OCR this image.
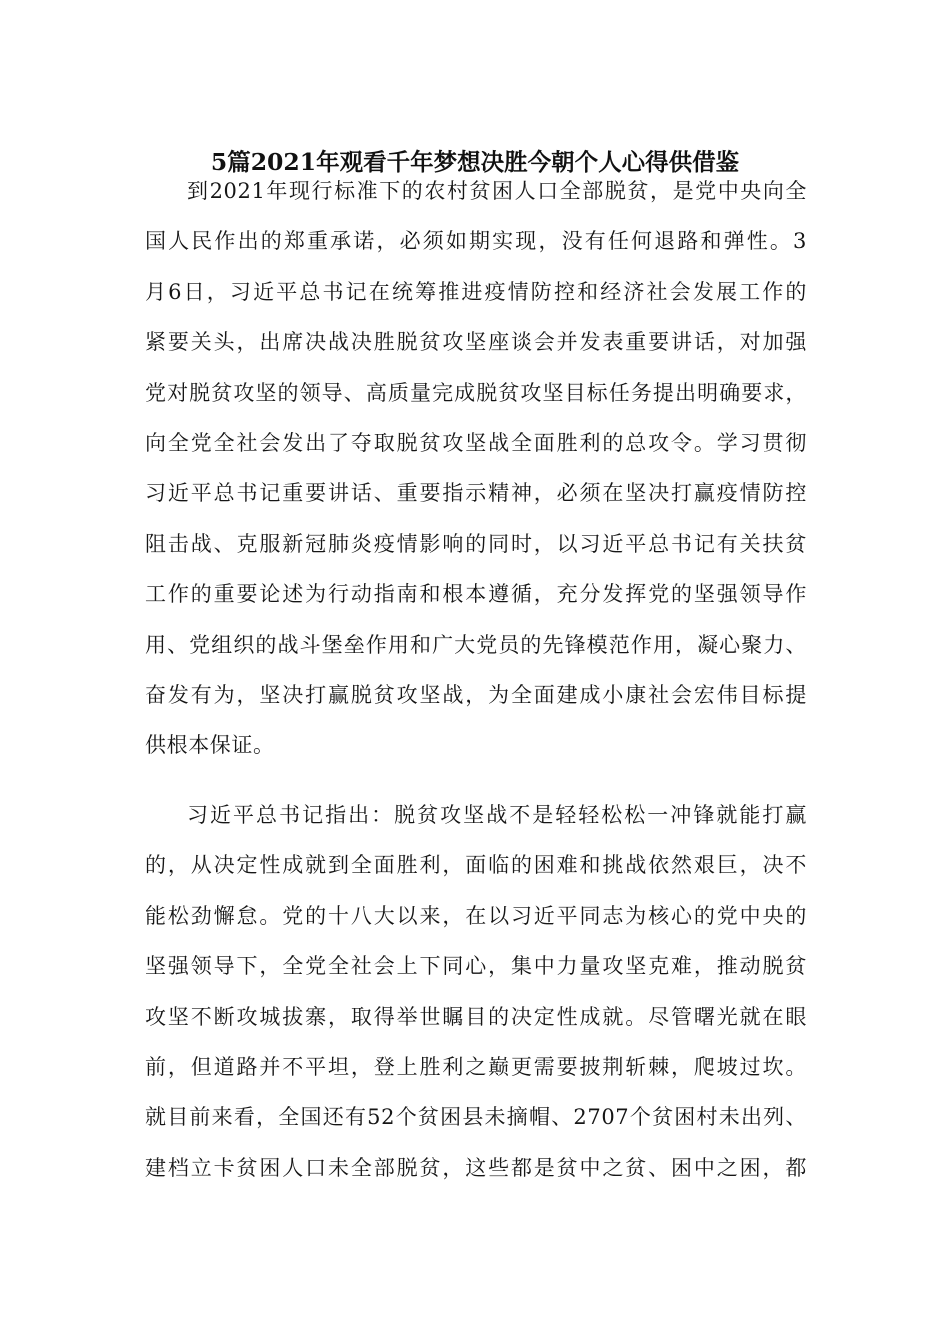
5篇2021年观看千年梦想决胜今朝个人心得供借鉴
到2021年现行标准下的农村贫困人口全部脱贫，是党中央向全
国人民作出的郑重承诺，必须如期实现，没有任何退路和弹性。3
月6日，习近平总书记在统筹推进疫情防控和经济社会发展工作的
紧要关头，出席决战决胜脱贫攻坚座谈会并发表重要讲话，对加强
党对脱贫攻坚的领导、高质量完成脱贫攻坚目标任务提出明确要求，
向全党全社会发出了夺取脱贫攻坚战全面胜利的总攻令。学习贯彻
习近平总书记重要讲话、重要指示精神，必须在坚决打赢疫情防控
阻击战、克服新冠肺炎疫情影响的同时，以习近平总书记有关扶贫
工作的重要论述为行动指南和根本遵循，充分发挥党的坚强领导作
用、党组织的战斗堡垒作用和广大党员的先锋模范作用，凝心聚力、
奋发有为，坚决打赢脱贫攻坚战，为全面建成小康社会宏伟目标提
供根本保证。
习近平总书记指出：脱贫攻坚战不是轻轻松松一冲锋就能打赢
的，从决定性成就到全面胜利，面临的困难和挑战依然艰巨，决不
能松劲懈怠。党的十八大以来，在以习近平同志为核心的党中央的
坚强领导下，全党全社会上下同心，集中力量攻坚克难，推动脱贫
攻坚不断攻城拔寨，取得举世瞩目的决定性成就。尽管曙光就在眼
前，但道路并不平坦，登上胜利之巅更需要披荆斩棘，爬坡过坎。
就目前来看，全国还有52个贫困县未摘帽、2707个贫困村未出列、
建档立卡贫困人口未全部脱贫，这些都是贫中之贫、困中之困，都
